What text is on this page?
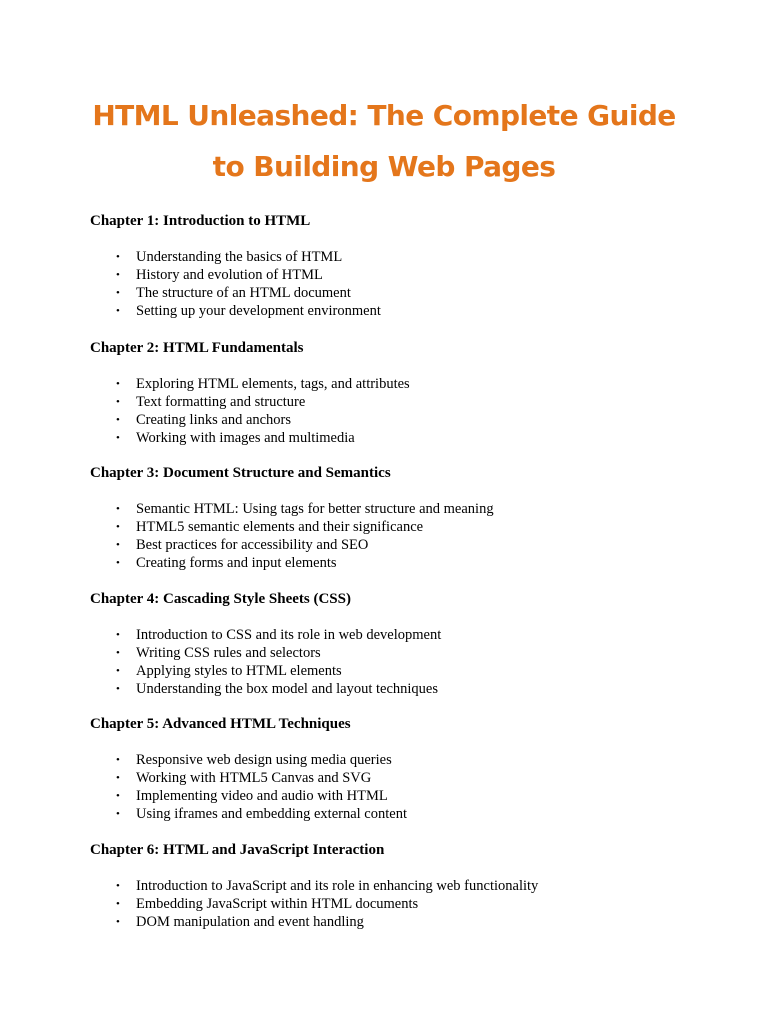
HTML Unleashed: The Complete Guide
to Building Web Pages
Chapter 1: Introduction to HTML
• Understanding the basics of HTML
• History and evolution of HTML
• The structure of an HTML document
• Setting up your development environment
Chapter 2: HTML Fundamentals
• Exploring HTML elements, tags, and attributes
• Text formatting and structure
• Creating links and anchors
• Working with images and multimedia
Chapter 3: Document Structure and Semantics
• Semantic HTML: Using tags for better structure and meaning
• HTML5 semantic elements and their significance
• Best practices for accessibility and SEO
• Creating forms and input elements
Chapter 4: Cascading Style Sheets (CSS)
• Introduction to CSS and its role in web development
• Writing CSS rules and selectors
• Applying styles to HTML elements
• Understanding the box model and layout techniques
Chapter 5: Advanced HTML Techniques
• Responsive web design using media queries
• Working with HTML5 Canvas and SVG
• Implementing video and audio with HTML
• Using iframes and embedding external content
Chapter 6: HTML and JavaScript Interaction
• Introduction to JavaScript and its role in enhancing web functionality
• Embedding JavaScript within HTML documents
• DOM manipulation and event handling
